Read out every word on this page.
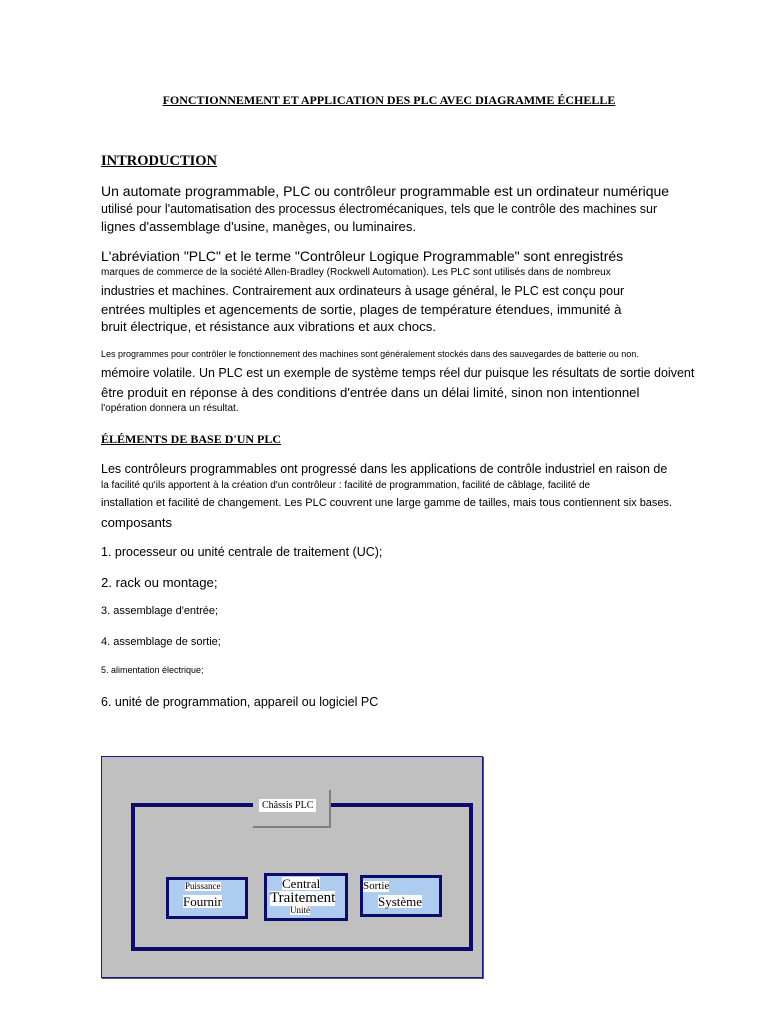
FONCTIONNEMENT ET APPLICATION DES PLC AVEC DIAGRAMME ÉCHELLE
INTRODUCTION
Un automate programmable, PLC ou contrôleur programmable est un ordinateur numérique
utilisé pour l'automatisation des processus électromécaniques, tels que le contrôle des machines sur
lignes d'assemblage d'usine, manèges, ou luminaires.
L'abréviation "PLC" et le terme "Contrôleur Logique Programmable" sont enregistrés
marques de commerce de la société Allen-Bradley (Rockwell Automation). Les PLC sont utilisés dans de nombreux
industries et machines. Contrairement aux ordinateurs à usage général, le PLC est conçu pour
entrées multiples et agencements de sortie, plages de température étendues, immunité à
bruit électrique, et résistance aux vibrations et aux chocs.
Les programmes pour contrôler le fonctionnement des machines sont généralement stockés dans des sauvegardes de batterie ou non.
mémoire volatile. Un PLC est un exemple de système temps réel dur puisque les résultats de sortie doivent
être produit en réponse à des conditions d'entrée dans un délai limité, sinon non intentionnel
l'opération donnera un résultat.
ÉLÉMENTS DE BASE D'UN PLC
Les contrôleurs programmables ont progressé dans les applications de contrôle industriel en raison de
la facilité qu'ils apportent à la création d'un contrôleur : facilité de programmation, facilité de câblage, facilité de
installation et facilité de changement. Les PLC couvrent une large gamme de tailles, mais tous contiennent six bases.
composants
1. processeur ou unité centrale de traitement (UC);
2. rack ou montage;
3. assemblage d'entrée;
4. assemblage de sortie;
5. alimentation électrique;
6. unité de programmation, appareil ou logiciel PC
Châssis PLC
Puissance
Fournir
Central
Traitement
Unité
Sortie
Système
